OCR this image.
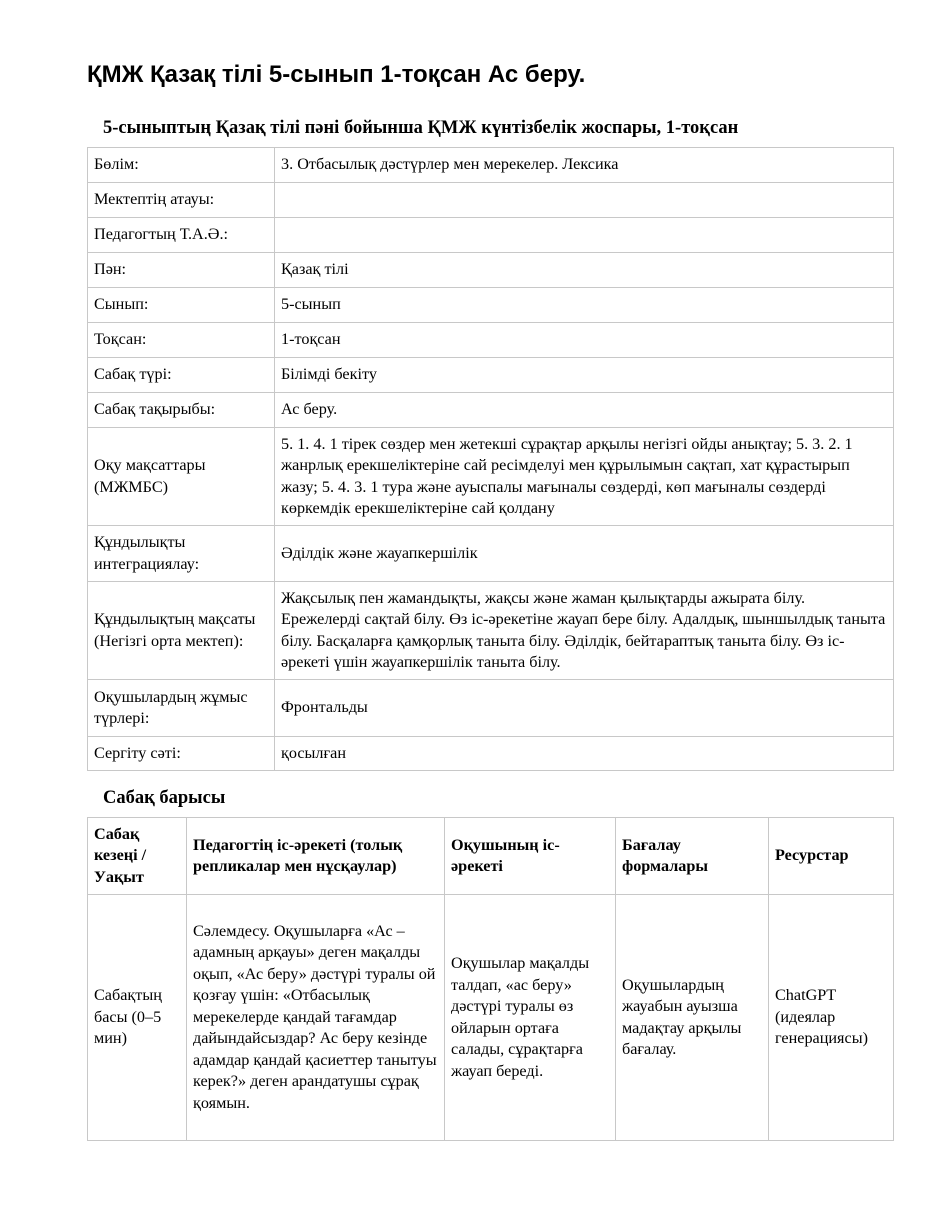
ҚМЖ Қазақ тілі 5-сынып 1-тоқсан Ас беру.
5-сыныптың Қазақ тілі пәні бойынша ҚМЖ күнтізбелік жоспары, 1-тоқсан
Бөлім:	3. Отбасылық дәстүрлер мен мерекелер. Лексика
Мектептің атауы:	
Педагогтың Т.А.Ә.:	
Пән:	Қазақ тілі
Сынып:	5-сынып
Тоқсан:	1-тоқсан
Сабақ түрі:	Білімді бекіту
Сабақ тақырыбы:	Ас беру.
Оқу мақсаттары (МЖМБС)	5. 1. 4. 1 тірек сөздер мен жетекші сұрақтар арқылы негізгі ойды анықтау; 5. 3. 2. 1 жанрлық ерекшеліктеріне сай ресімделуі мен құрылымын сақтап, хат құрастырып жазу; 5. 4. 3. 1 тура және ауыспалы мағыналы сөздерді, көп мағыналы сөздерді көркемдік ерекшеліктеріне сай қолдану
Құндылықты интеграциялау:	Әділдік және жауапкершілік
Құндылықтың мақсаты (Негізгі орта мектеп):	Жақсылық пен жамандықты, жақсы және жаман қылықтарды ажырата білу. Ережелерді сақтай білу. Өз іс-әрекетіне жауап бере білу. Адалдық, шыншылдық таныта білу. Басқаларға қамқорлық таныта білу. Әділдік, бейтараптық таныта білу. Өз іс-әрекеті үшін жауапкершілік таныта білу.
Оқушылардың жұмыс түрлері:	Фронтальды
Сергіту сәті:	қосылған
Сабақ барысы
Сабақ кезеңі / Уақыт	Педагогтің іс-әрекеті (толық репликалар мен нұсқаулар)	Оқушының іс-әрекеті	Бағалау формалары	Ресурстар
Сабақтың басы (0–5 мин)	Сәлемдесу. Оқушыларға «Ас – адамның арқауы» деген мақалды оқып, «Ас беру» дәстүрі туралы ой қозғау үшін: «Отбасылық мерекелерде қандай тағамдар дайындайсыздар? Ас беру кезінде адамдар қандай қасиеттер танытуы керек?» деген арандатушы сұрақ қоямын.	Оқушылар мақалды талдап, «ас беру» дәстүрі туралы өз ойларын ортаға салады, сұрақтарға жауап береді.	Оқушылардың жауабын ауызша мадақтау арқылы бағалау.	ChatGPT (идеялар генерациясы)
